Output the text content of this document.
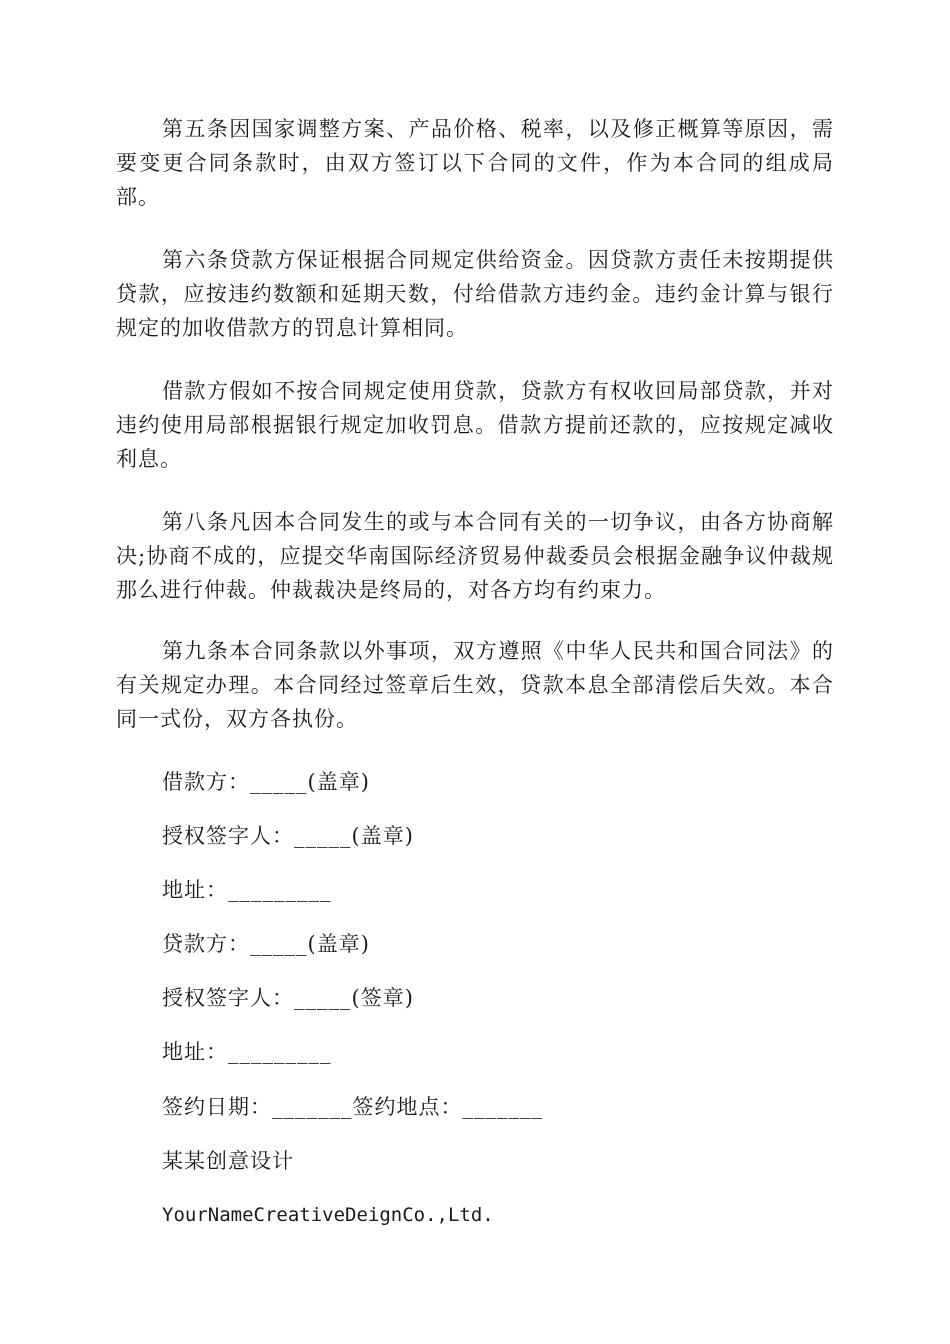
第五条因国家调整方案、产品价格、税率，以及修正概算等原因，需要变更合同条款时，由双方签订以下合同的文件，作为本合同的组成局部。

第六条贷款方保证根据合同规定供给资金。因贷款方责任未按期提供贷款，应按违约数额和延期天数，付给借款方违约金。违约金计算与银行规定的加收借款方的罚息计算相同。

借款方假如不按合同规定使用贷款，贷款方有权收回局部贷款，并对违约使用局部根据银行规定加收罚息。借款方提前还款的，应按规定减收利息。

第八条凡因本合同发生的或与本合同有关的一切争议，由各方协商解决;协商不成的，应提交华南国际经济贸易仲裁委员会根据金融争议仲裁规那么进行仲裁。仲裁裁决是终局的，对各方均有约束力。

第九条本合同条款以外事项，双方遵照《中华人民共和国合同法》的有关规定办理。本合同经过签章后生效，贷款本息全部清偿后失效。本合同一式份，双方各执份。

借款方：_____(盖章)

授权签字人：_____(盖章)

地址：_________

贷款方：_____(盖章)

授权签字人：_____(签章)

地址：_________

签约日期：_______签约地点：_______

某某创意设计

YourNameCreativeDeignCo.,Ltd.
